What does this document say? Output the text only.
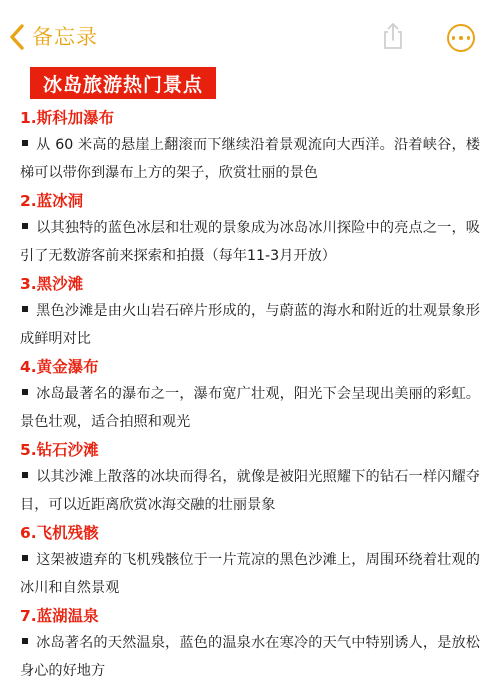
备忘录
冰岛旅游热门景点
1.斯科加瀑布
从 60 米高的悬崖上翻滚而下继续沿着景观流向大西洋。沿着峡谷，楼梯可以带你到瀑布上方的架子，欣赏壮丽的景色
2.蓝冰洞
以其独特的蓝色冰层和壮观的景象成为冰岛冰川探险中的亮点之一，吸引了无数游客前来探索和拍摄（每年11-3月开放）
3.黑沙滩
黑色沙滩是由火山岩石碎片形成的，与蔚蓝的海水和附近的壮观景象形成鲜明对比
4.黄金瀑布
冰岛最著名的瀑布之一，瀑布宽广壮观，阳光下会呈现出美丽的彩虹。景色壮观，适合拍照和观光
5.钻石沙滩
以其沙滩上散落的冰块而得名，就像是被阳光照耀下的钻石一样闪耀夺目，可以近距离欣赏冰海交融的壮丽景象
6.飞机残骸
这架被遗弃的飞机残骸位于一片荒凉的黑色沙滩上，周围环绕着壮观的冰川和自然景观
7.蓝湖温泉
冰岛著名的天然温泉，蓝色的温泉水在寒冷的天气中特别诱人，是放松身心的好地方
